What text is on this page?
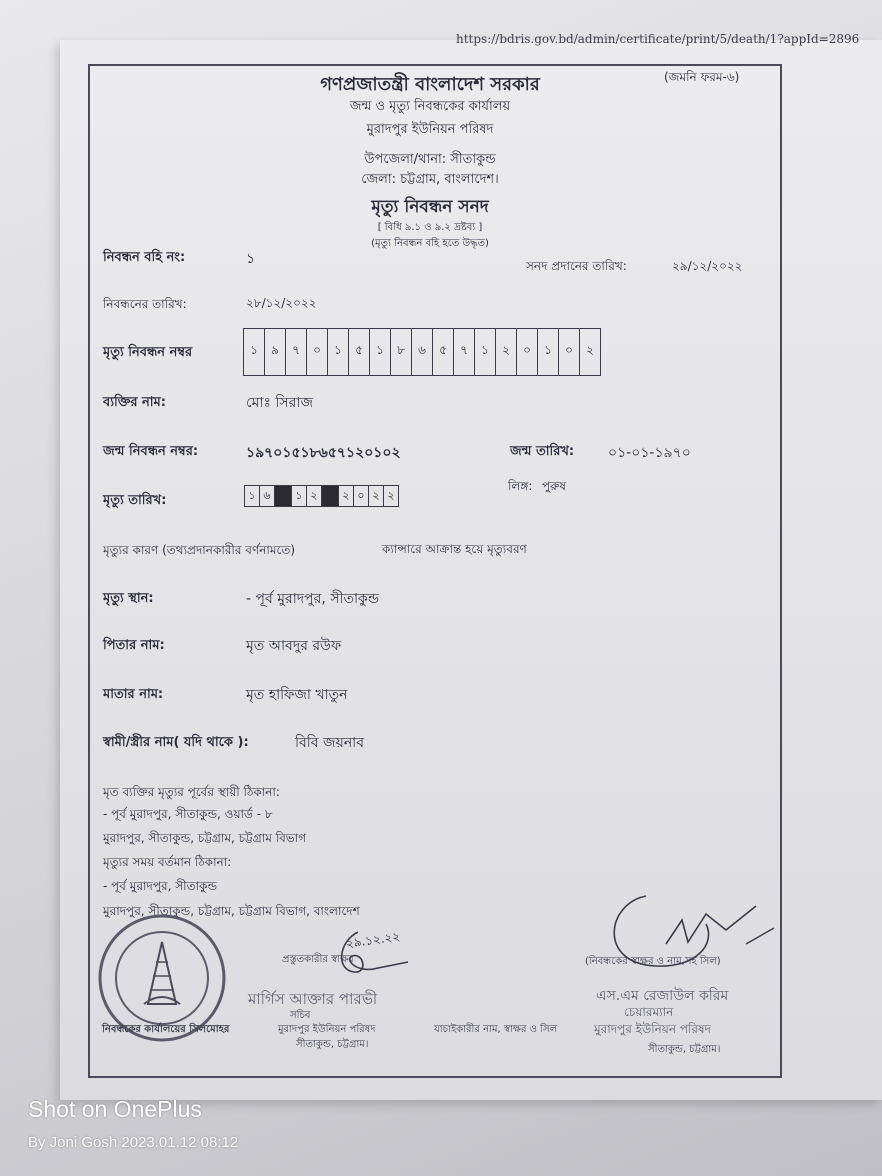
https://bdris.gov.bd/admin/certificate/print/5/death/1?appId=2896
(জমনি ফরম-৬)
গণপ্রজাতন্ত্রী বাংলাদেশ সরকার
জন্ম ও মৃত্যু নিবন্ধকের কার্যালয়
মুরাদপুর ইউনিয়ন পরিষদ
উপজেলা/থানা: সীতাকুন্ড
জেলা: চট্টগ্রাম, বাংলাদেশ।
মৃত্যু নিবন্ধন সনদ
[ বিধি ৯.১ ও ৯.২ দ্রষ্টব্য ]
(মৃত্যু নিবন্ধন বহি হতে উদ্ধৃত)
নিবন্ধন বহি নং:	১	সনদ প্রদানের তারিখ:	২৯/১২/২০২২
নিবন্ধনের তারিখ:	২৮/১২/২০২২
মৃত্যু নিবন্ধন নম্বর	১	৯	৭	০	১	৫	১	৮	৬	৫	৭	১	২	০	১	০	২
ব্যক্তির নাম:	মোঃ সিরাজ
জন্ম নিবন্ধন নম্বর:	১৯৭০১৫১৮৬৫৭১২০১০২	জন্ম তারিখ: ০১-০১-১৯৭০
মৃত্যু তারিখ:	১ ৬	১ ২	২ ০ ২ ২
লিঙ্গ: পুরুষ
মৃত্যুর কারণ (তথ্যপ্রদানকারীর বর্ণনামতে)	ক্যান্সারে আক্রান্ত হয়ে মৃত্যুবরণ
মৃত্যু স্থান:	- পূর্ব মুরাদপুর, সীতাকুন্ড
পিতার নাম:	মৃত আবদুর রউফ
মাতার নাম:	মৃত হাফিজা খাতুন
স্বামী/স্ত্রীর নাম( যদি থাকে ):	বিবি জয়নাব
মৃত ব্যক্তির মৃত্যুর পূর্বের স্থায়ী ঠিকানা:
- পূর্ব মুরাদপুর, সীতাকুন্ড, ওয়ার্ড - ৮
মুরাদপুর, সীতাকুন্ড, চট্টগ্রাম, চট্টগ্রাম বিভাগ
মৃত্যুর সময় বর্তমান ঠিকানা:
- পূর্ব মুরাদপুর, সীতাকুন্ড
মুরাদপুর, সীতাকুন্ড, চট্টগ্রাম, চট্টগ্রাম বিভাগ, বাংলাদেশ
২৯.১২.২২
প্রস্তুতকারীর স্বাক্ষর
মার্গিস আক্তার পারভী
সচিব
মুরাদপুর ইউনিয়ন পরিষদ
সীতাকুন্ড, চট্টগ্রাম।
নিবন্ধকের কার্যালয়ের সিলমোহর	যাচাইকারীর নাম, স্বাক্ষর ও সিল
(নিবন্ধকের স্বাক্ষর ও নাম,সহ সিল)
এস.এম রেজাউল করিম
চেয়ারম্যান
মুরাদপুর ইউনিয়ন পরিষদ
সীতাকুন্ড, চট্টগ্রাম।
Shot on OnePlus
By Joni Gosh 2023.01.12 08:12
